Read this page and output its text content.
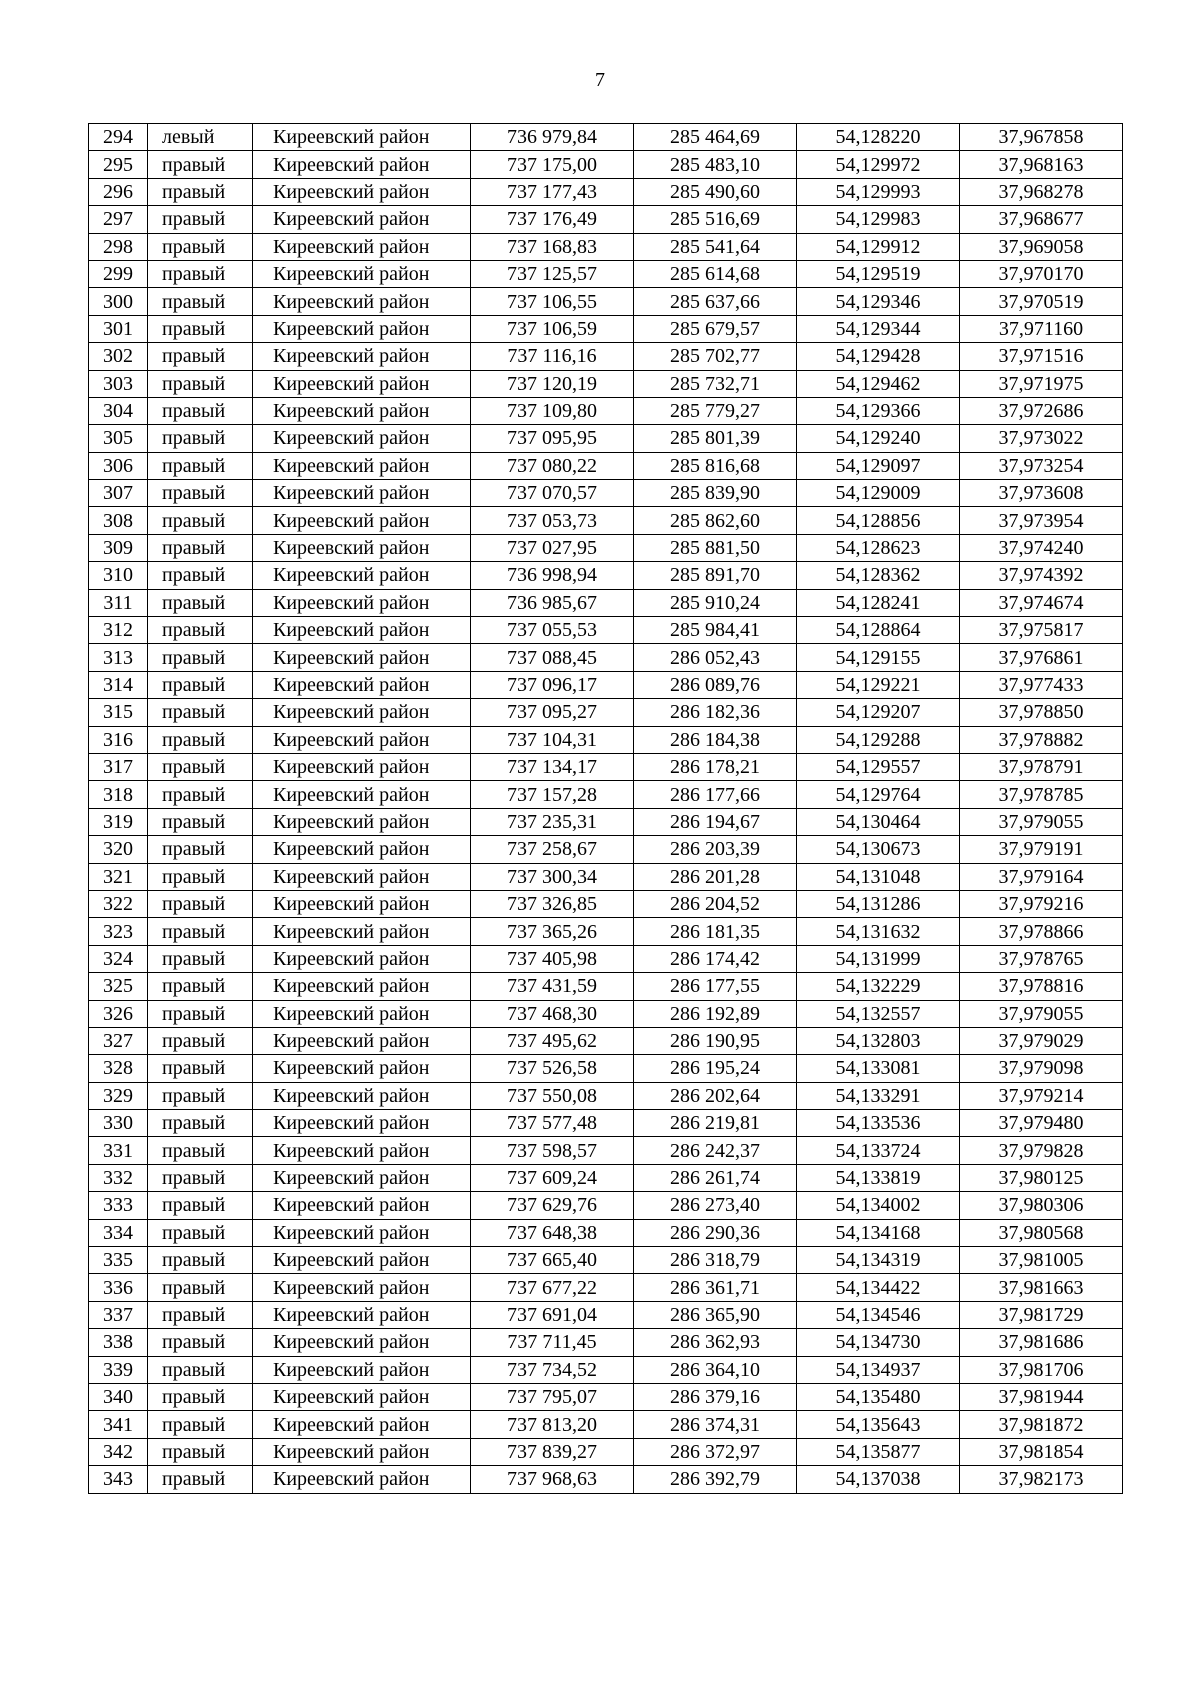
7
294	левый	Киреевский район	736 979,84	285 464,69	54,128220	37,967858
295	правый	Киреевский район	737 175,00	285 483,10	54,129972	37,968163
296	правый	Киреевский район	737 177,43	285 490,60	54,129993	37,968278
297	правый	Киреевский район	737 176,49	285 516,69	54,129983	37,968677
298	правый	Киреевский район	737 168,83	285 541,64	54,129912	37,969058
299	правый	Киреевский район	737 125,57	285 614,68	54,129519	37,970170
300	правый	Киреевский район	737 106,55	285 637,66	54,129346	37,970519
301	правый	Киреевский район	737 106,59	285 679,57	54,129344	37,971160
302	правый	Киреевский район	737 116,16	285 702,77	54,129428	37,971516
303	правый	Киреевский район	737 120,19	285 732,71	54,129462	37,971975
304	правый	Киреевский район	737 109,80	285 779,27	54,129366	37,972686
305	правый	Киреевский район	737 095,95	285 801,39	54,129240	37,973022
306	правый	Киреевский район	737 080,22	285 816,68	54,129097	37,973254
307	правый	Киреевский район	737 070,57	285 839,90	54,129009	37,973608
308	правый	Киреевский район	737 053,73	285 862,60	54,128856	37,973954
309	правый	Киреевский район	737 027,95	285 881,50	54,128623	37,974240
310	правый	Киреевский район	736 998,94	285 891,70	54,128362	37,974392
311	правый	Киреевский район	736 985,67	285 910,24	54,128241	37,974674
312	правый	Киреевский район	737 055,53	285 984,41	54,128864	37,975817
313	правый	Киреевский район	737 088,45	286 052,43	54,129155	37,976861
314	правый	Киреевский район	737 096,17	286 089,76	54,129221	37,977433
315	правый	Киреевский район	737 095,27	286 182,36	54,129207	37,978850
316	правый	Киреевский район	737 104,31	286 184,38	54,129288	37,978882
317	правый	Киреевский район	737 134,17	286 178,21	54,129557	37,978791
318	правый	Киреевский район	737 157,28	286 177,66	54,129764	37,978785
319	правый	Киреевский район	737 235,31	286 194,67	54,130464	37,979055
320	правый	Киреевский район	737 258,67	286 203,39	54,130673	37,979191
321	правый	Киреевский район	737 300,34	286 201,28	54,131048	37,979164
322	правый	Киреевский район	737 326,85	286 204,52	54,131286	37,979216
323	правый	Киреевский район	737 365,26	286 181,35	54,131632	37,978866
324	правый	Киреевский район	737 405,98	286 174,42	54,131999	37,978765
325	правый	Киреевский район	737 431,59	286 177,55	54,132229	37,978816
326	правый	Киреевский район	737 468,30	286 192,89	54,132557	37,979055
327	правый	Киреевский район	737 495,62	286 190,95	54,132803	37,979029
328	правый	Киреевский район	737 526,58	286 195,24	54,133081	37,979098
329	правый	Киреевский район	737 550,08	286 202,64	54,133291	37,979214
330	правый	Киреевский район	737 577,48	286 219,81	54,133536	37,979480
331	правый	Киреевский район	737 598,57	286 242,37	54,133724	37,979828
332	правый	Киреевский район	737 609,24	286 261,74	54,133819	37,980125
333	правый	Киреевский район	737 629,76	286 273,40	54,134002	37,980306
334	правый	Киреевский район	737 648,38	286 290,36	54,134168	37,980568
335	правый	Киреевский район	737 665,40	286 318,79	54,134319	37,981005
336	правый	Киреевский район	737 677,22	286 361,71	54,134422	37,981663
337	правый	Киреевский район	737 691,04	286 365,90	54,134546	37,981729
338	правый	Киреевский район	737 711,45	286 362,93	54,134730	37,981686
339	правый	Киреевский район	737 734,52	286 364,10	54,134937	37,981706
340	правый	Киреевский район	737 795,07	286 379,16	54,135480	37,981944
341	правый	Киреевский район	737 813,20	286 374,31	54,135643	37,981872
342	правый	Киреевский район	737 839,27	286 372,97	54,135877	37,981854
343	правый	Киреевский район	737 968,63	286 392,79	54,137038	37,982173
